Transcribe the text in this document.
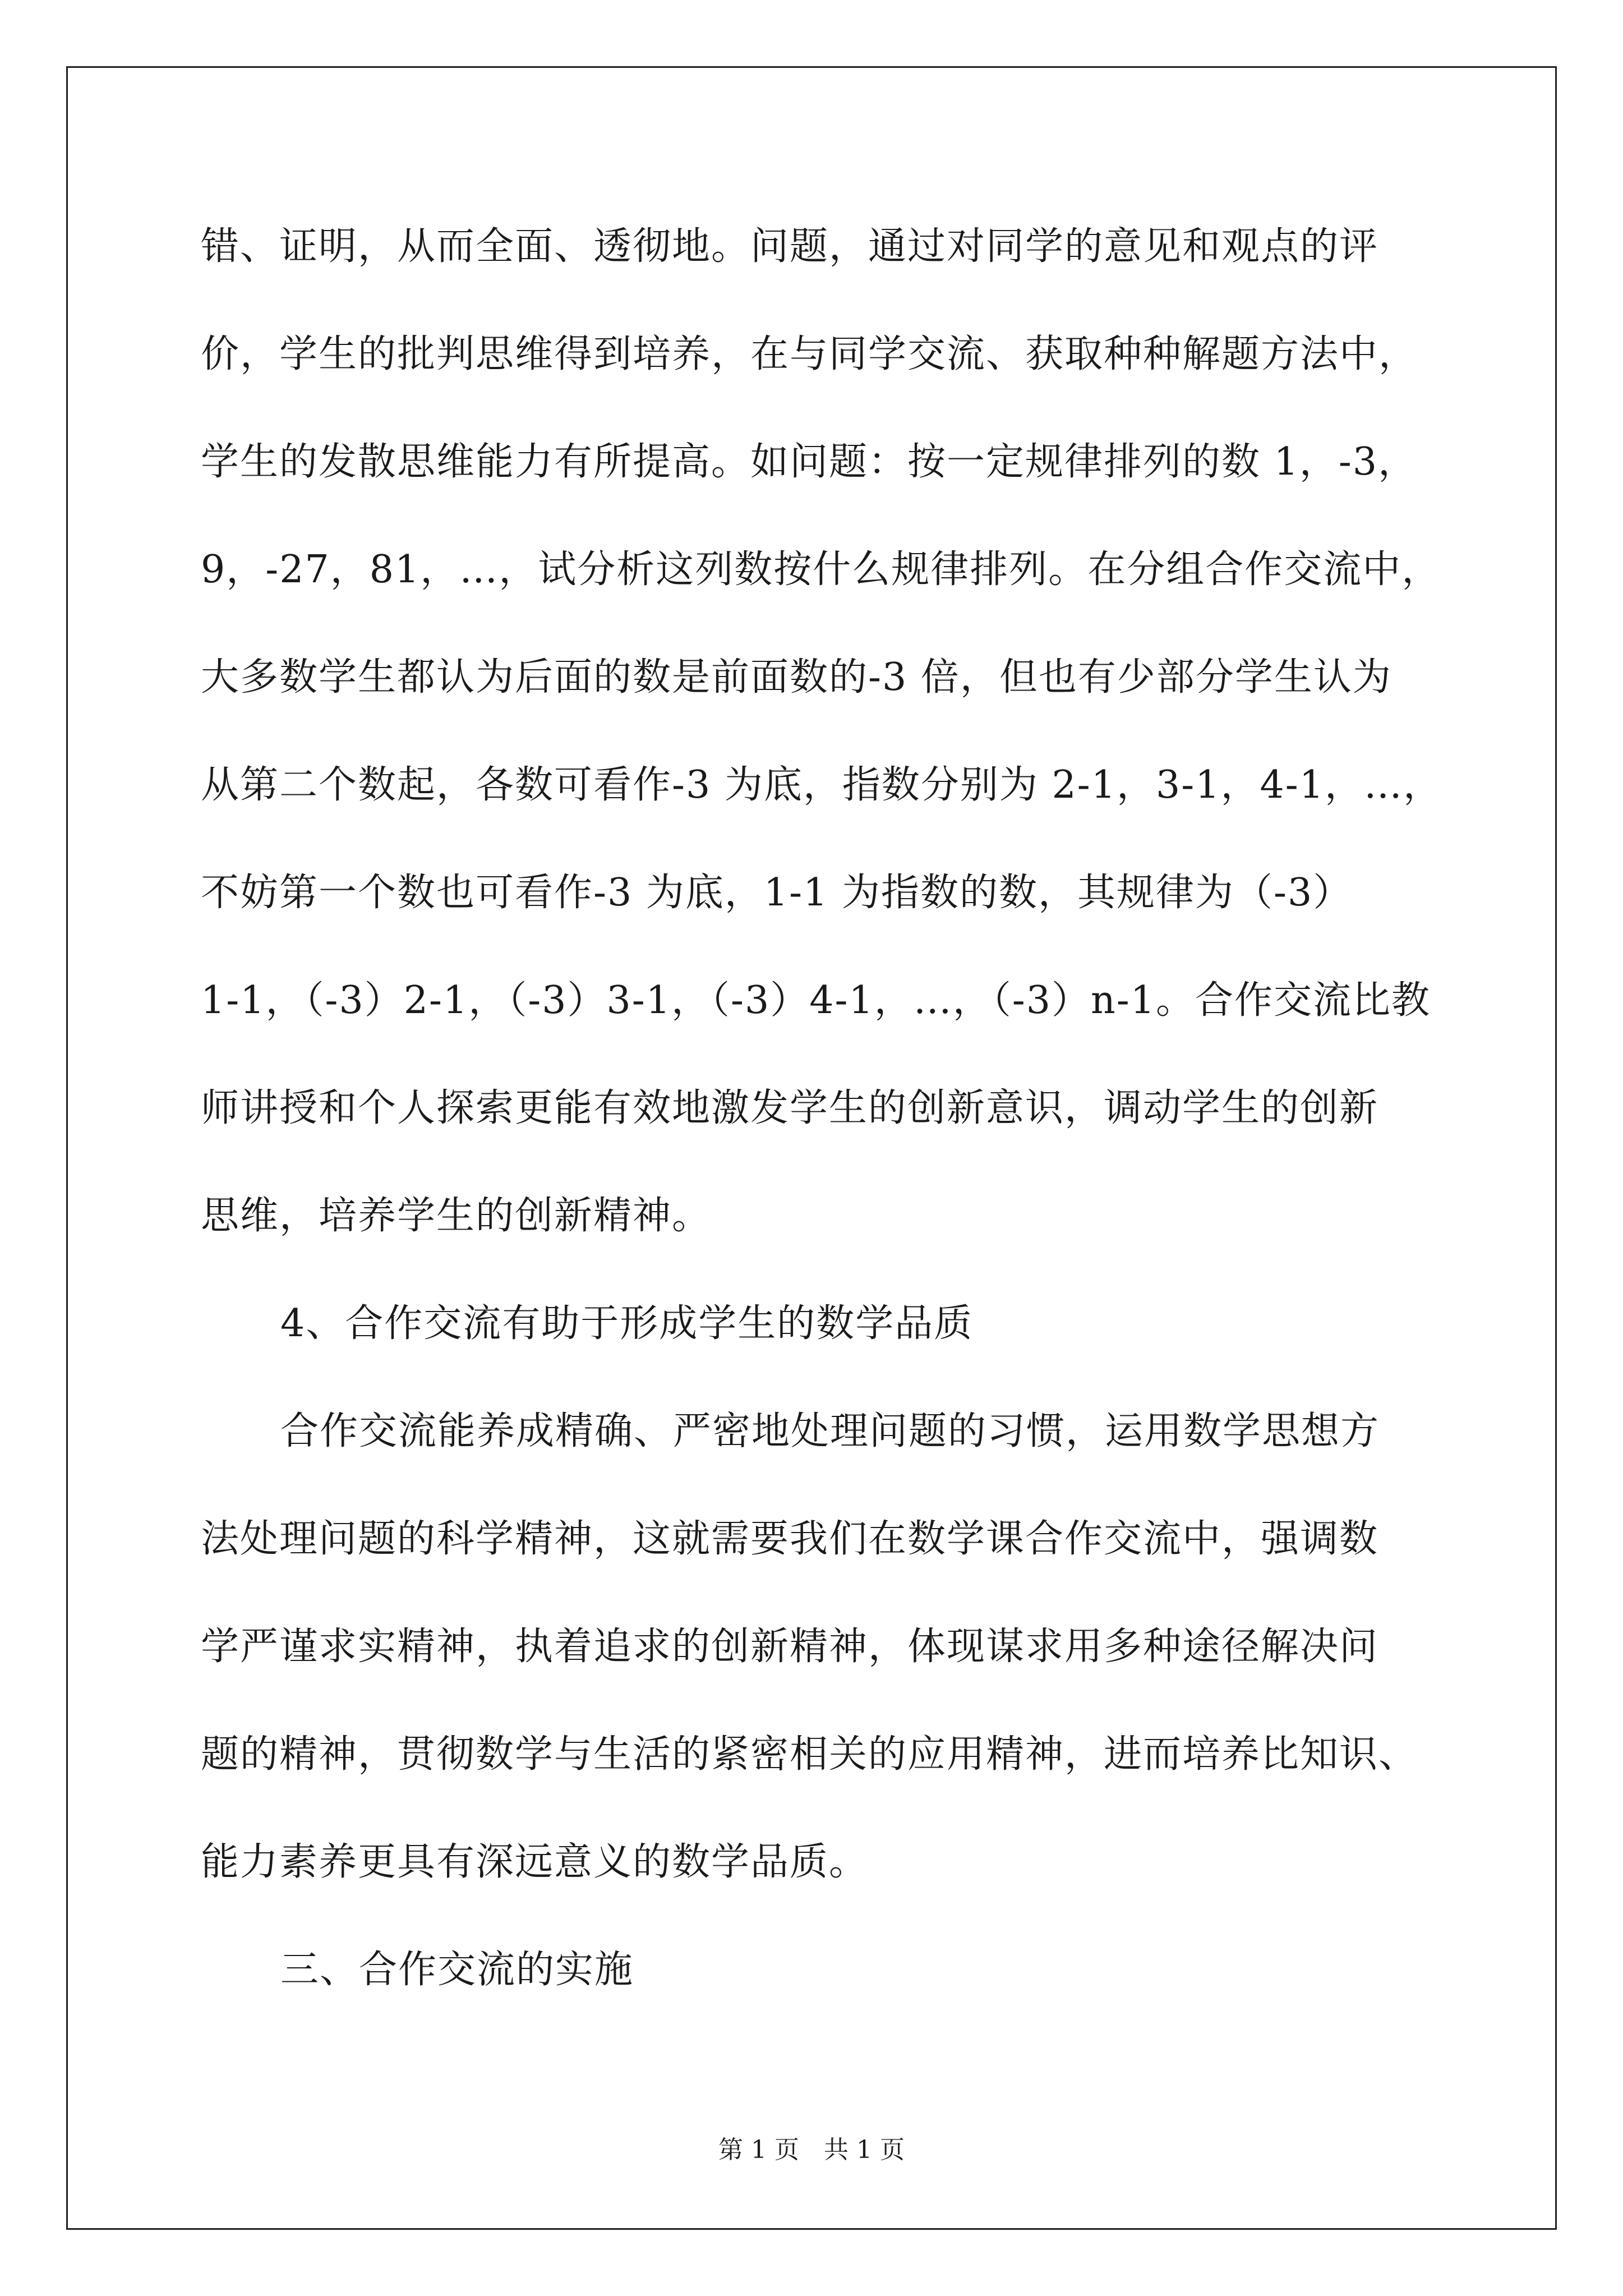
错、证明，从而全面、透彻地。问题，通过对同学的意见和观点的评
价，学生的批判思维得到培养，在与同学交流、获取种种解题方法中，
学生的发散思维能力有所提高。如问题：按一定规律排列的数 1，-3，
9，-27，81，…，试分析这列数按什么规律排列。在分组合作交流中，
大多数学生都认为后面的数是前面数的-3 倍，但也有少部分学生认为
从第二个数起，各数可看作-3 为底，指数分别为 2-1，3-1，4-1，…，
不妨第一个数也可看作-3 为底，1-1 为指数的数，其规律为（-3）
1-1，（-3）2-1，（-3）3-1，（-3）4-1，…，（-3）n-1。合作交流比教
师讲授和个人探索更能有效地激发学生的创新意识，调动学生的创新
思维，培养学生的创新精神。
4、合作交流有助于形成学生的数学品质
合作交流能养成精确、严密地处理问题的习惯，运用数学思想方
法处理问题的科学精神，这就需要我们在数学课合作交流中，强调数
学严谨求实精神，执着追求的创新精神，体现谋求用多种途径解决问
题的精神，贯彻数学与生活的紧密相关的应用精神，进而培养比知识、
能力素养更具有深远意义的数学品质。
三、合作交流的实施
第 1 页 共 1 页
